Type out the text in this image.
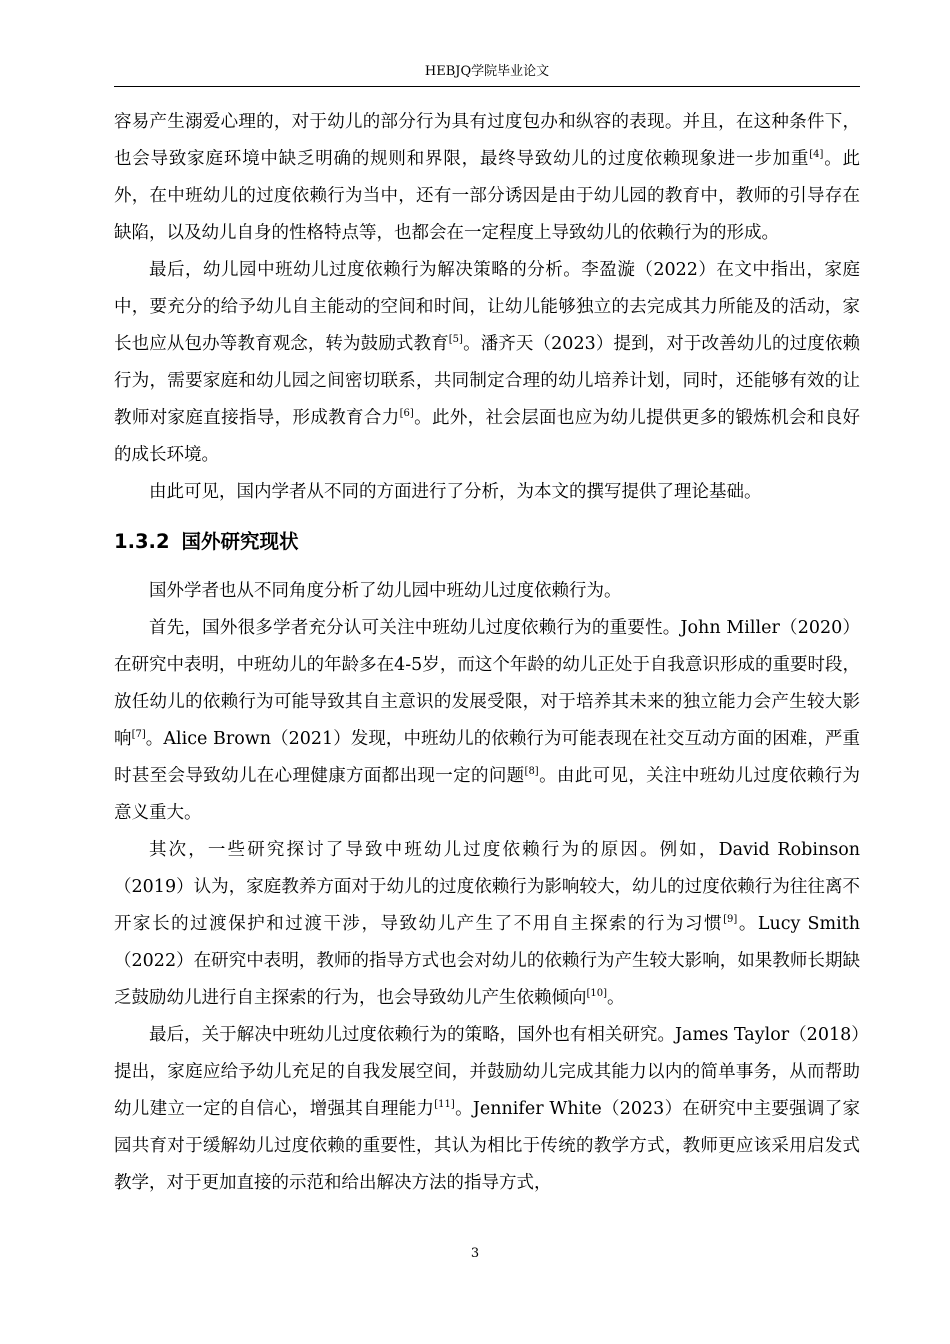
HEBJQ学院毕业论文

容易产生溺爱心理的，对于幼儿的部分行为具有过度包办和纵容的表现。并且，在这种条件下，也会导致家庭环境中缺乏明确的规则和界限，最终导致幼儿的过度依赖现象进一步加重[4]。此外，在中班幼儿的过度依赖行为当中，还有一部分诱因是由于幼儿园的教育中，教师的引导存在缺陷，以及幼儿自身的性格特点等，也都会在一定程度上导致幼儿的依赖行为的形成。

最后，幼儿园中班幼儿过度依赖行为解决策略的分析。李盈漩（2022）在文中指出，家庭中，要充分的给予幼儿自主能动的空间和时间，让幼儿能够独立的去完成其力所能及的活动，家长也应从包办等教育观念，转为鼓励式教育[5]。潘齐天（2023）提到，对于改善幼儿的过度依赖行为，需要家庭和幼儿园之间密切联系，共同制定合理的幼儿培养计划，同时，还能够有效的让教师对家庭直接指导，形成教育合力[6]。此外，社会层面也应为幼儿提供更多的锻炼机会和良好的成长环境。

由此可见，国内学者从不同的方面进行了分析，为本文的撰写提供了理论基础。

1.3.2 国外研究现状

国外学者也从不同角度分析了幼儿园中班幼儿过度依赖行为。

首先，国外很多学者充分认可关注中班幼儿过度依赖行为的重要性。John Miller（2020）在研究中表明，中班幼儿的年龄多在4-5岁，而这个年龄的幼儿正处于自我意识形成的重要时段，放任幼儿的依赖行为可能导致其自主意识的发展受限，对于培养其未来的独立能力会产生较大影响[7]。Alice Brown（2021）发现，中班幼儿的依赖行为可能表现在社交互动方面的困难，严重时甚至会导致幼儿在心理健康方面都出现一定的问题[8]。由此可见，关注中班幼儿过度依赖行为意义重大。

其次，一些研究探讨了导致中班幼儿过度依赖行为的原因。例如，David Robinson（2019）认为，家庭教养方面对于幼儿的过度依赖行为影响较大，幼儿的过度依赖行为往往离不开家长的过渡保护和过渡干涉，导致幼儿产生了不用自主探索的行为习惯[9]。Lucy Smith（2022）在研究中表明，教师的指导方式也会对幼儿的依赖行为产生较大影响，如果教师长期缺乏鼓励幼儿进行自主探索的行为，也会导致幼儿产生依赖倾向[10]。

最后，关于解决中班幼儿过度依赖行为的策略，国外也有相关研究。James Taylor（2018）提出，家庭应给予幼儿充足的自我发展空间，并鼓励幼儿完成其能力以内的简单事务，从而帮助幼儿建立一定的自信心，增强其自理能力[11]。Jennifer White（2023）在研究中主要强调了家园共育对于缓解幼儿过度依赖的重要性，其认为相比于传统的教学方式，教师更应该采用启发式教学，对于更加直接的示范和给出解决方法的指导方式，

3
